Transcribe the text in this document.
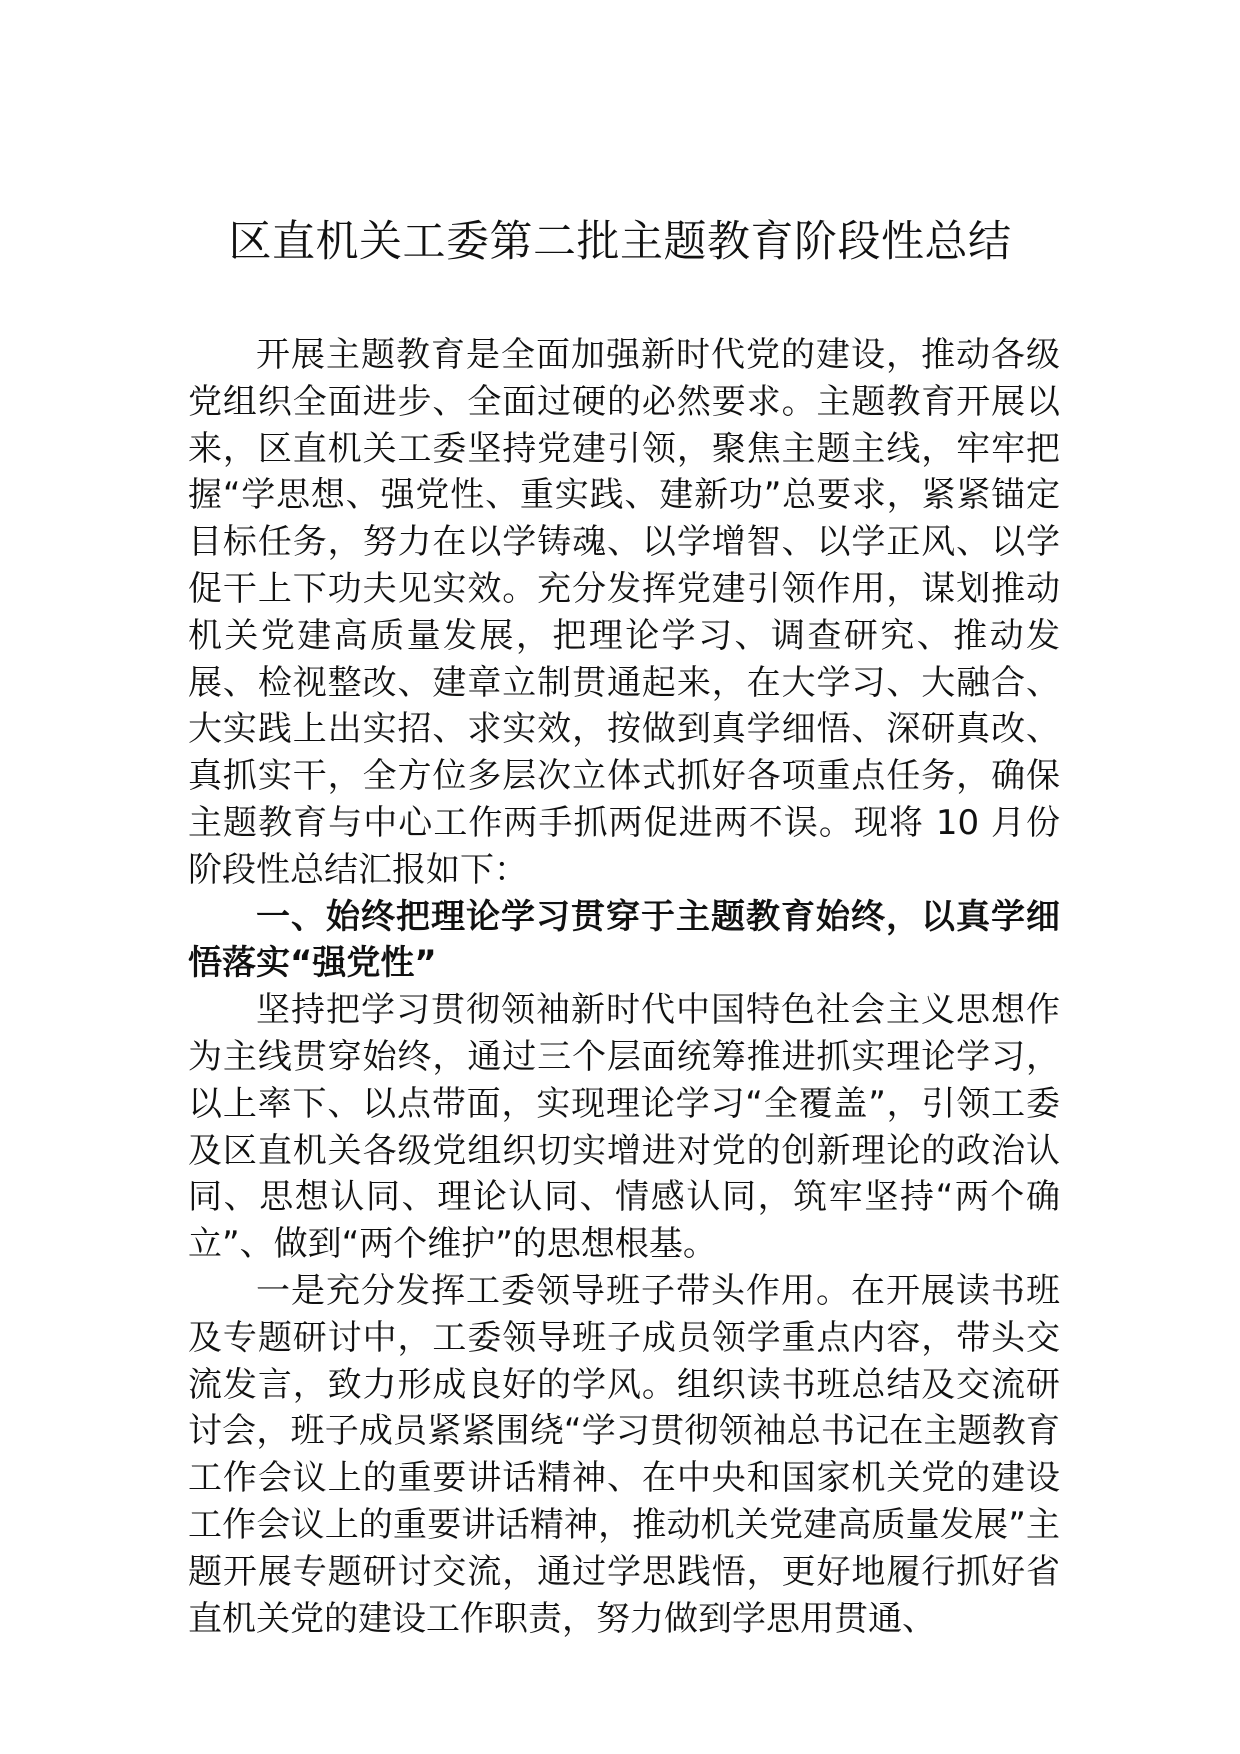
区直机关工委第二批主题教育阶段性总结

开展主题教育是全面加强新时代党的建设，推动各级党组织全面进步、全面过硬的必然要求。主题教育开展以来，区直机关工委坚持党建引领，聚焦主题主线，牢牢把握“学思想、强党性、重实践、建新功”总要求，紧紧锚定目标任务，努力在以学铸魂、以学增智、以学正风、以学促干上下功夫见实效。充分发挥党建引领作用，谋划推动机关党建高质量发展，把理论学习、调查研究、推动发展、检视整改、建章立制贯通起来，在大学习、大融合、大实践上出实招、求实效，按做到真学细悟、深研真改、真抓实干，全方位多层次立体式抓好各项重点任务，确保主题教育与中心工作两手抓两促进两不误。现将 10 月份阶段性总结汇报如下：

一、始终把理论学习贯穿于主题教育始终，以真学细悟落实“强党性”

坚持把学习贯彻领袖新时代中国特色社会主义思想作为主线贯穿始终，通过三个层面统筹推进抓实理论学习，以上率下、以点带面，实现理论学习“全覆盖”，引领工委及区直机关各级党组织切实增进对党的创新理论的政治认同、思想认同、理论认同、情感认同，筑牢坚持“两个确立”、做到“两个维护”的思想根基。

一是充分发挥工委领导班子带头作用。在开展读书班及专题研讨中，工委领导班子成员领学重点内容，带头交流发言，致力形成良好的学风。组织读书班总结及交流研讨会，班子成员紧紧围绕“学习贯彻领袖总书记在主题教育工作会议上的重要讲话精神、在中央和国家机关党的建设工作会议上的重要讲话精神，推动机关党建高质量发展”主题开展专题研讨交流，通过学思践悟，更好地履行抓好省直机关党的建设工作职责，努力做到学思用贯通、
